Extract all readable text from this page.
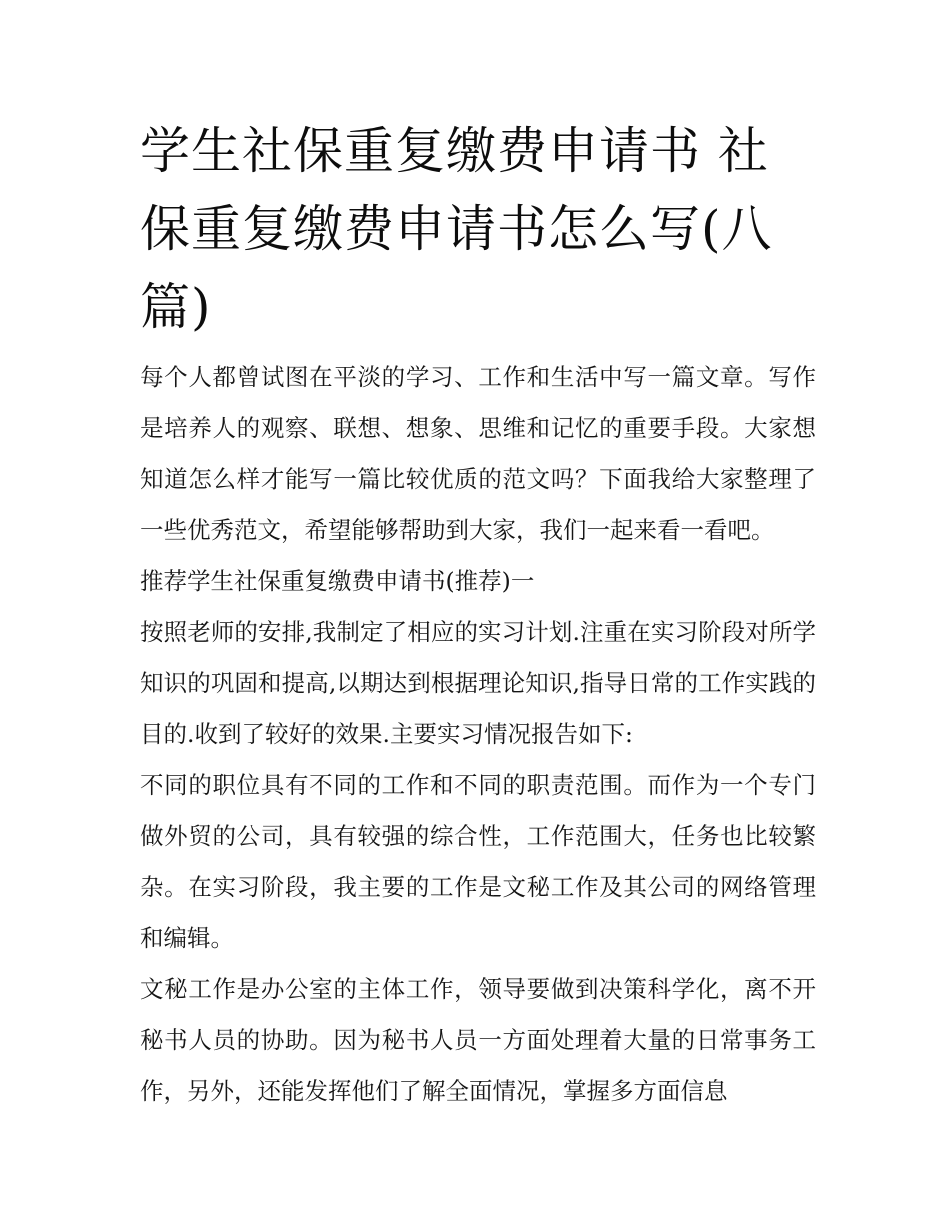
学生社保重复缴费申请书 社保重复缴费申请书怎么写(八篇)

每个人都曾试图在平淡的学习、工作和生活中写一篇文章。写作是培养人的观察、联想、想象、思维和记忆的重要手段。大家想知道怎么样才能写一篇比较优质的范文吗？下面我给大家整理了一些优秀范文，希望能够帮助到大家，我们一起来看一看吧。

推荐学生社保重复缴费申请书(推荐)一

按照老师的安排,我制定了相应的实习计划.注重在实习阶段对所学知识的巩固和提高,以期达到根据理论知识,指导日常的工作实践的目的.收到了较好的效果.主要实习情况报告如下:

不同的职位具有不同的工作和不同的职责范围。而作为一个专门做外贸的公司，具有较强的综合性，工作范围大，任务也比较繁杂。在实习阶段，我主要的工作是文秘工作及其公司的网络管理和编辑。

文秘工作是办公室的主体工作，领导要做到决策科学化，离不开秘书人员的协助。因为秘书人员一方面处理着大量的日常事务工作，另外，还能发挥他们了解全面情况，掌握多方面信息
